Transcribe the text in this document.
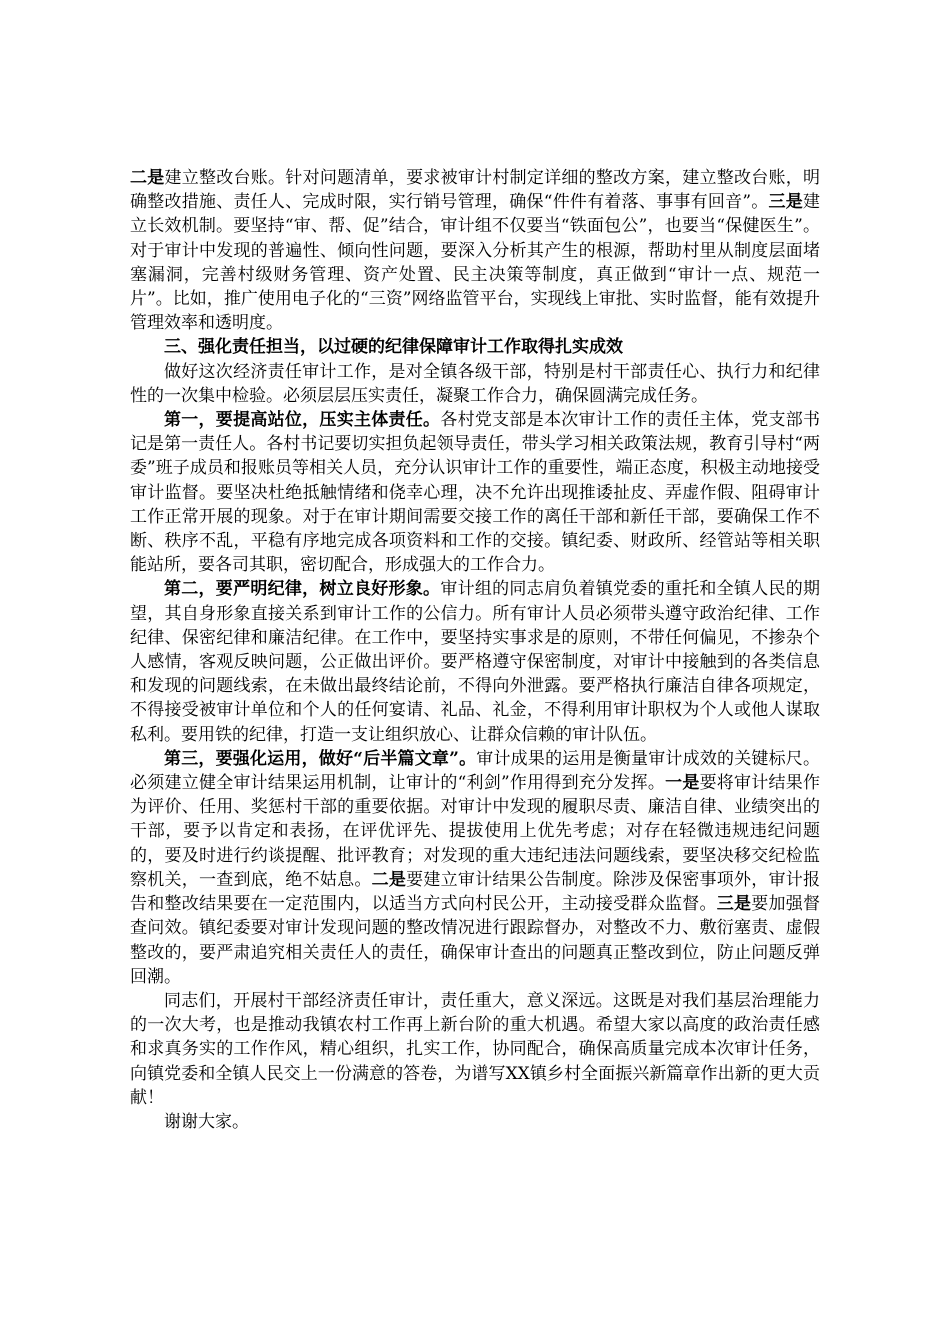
二是建立整改台账。针对问题清单，要求被审计村制定详细的整改方案，建立整改台账，明确整改措施、责任人、完成时限，实行销号管理，确保“件件有着落、事事有回音”。三是建立长效机制。要坚持“审、帮、促”结合，审计组不仅要当“铁面包公”，也要当“保健医生”。对于审计中发现的普遍性、倾向性问题，要深入分析其产生的根源，帮助村里从制度层面堵塞漏洞，完善村级财务管理、资产处置、民主决策等制度，真正做到“审计一点、规范一片”。比如，推广使用电子化的“三资”网络监管平台，实现线上审批、实时监督，能有效提升管理效率和透明度。

三、强化责任担当，以过硬的纪律保障审计工作取得扎实成效

做好这次经济责任审计工作，是对全镇各级干部，特别是村干部责任心、执行力和纪律性的一次集中检验。必须层层压实责任，凝聚工作合力，确保圆满完成任务。

第一，要提高站位，压实主体责任。各村党支部是本次审计工作的责任主体，党支部书记是第一责任人。各村书记要切实担负起领导责任，带头学习相关政策法规，教育引导村“两委”班子成员和报账员等相关人员，充分认识审计工作的重要性，端正态度，积极主动地接受审计监督。要坚决杜绝抵触情绪和侥幸心理，决不允许出现推诿扯皮、弄虚作假、阻碍审计工作正常开展的现象。对于在审计期间需要交接工作的离任干部和新任干部，要确保工作不断、秩序不乱，平稳有序地完成各项资料和工作的交接。镇纪委、财政所、经管站等相关职能站所，要各司其职，密切配合，形成强大的工作合力。

第二，要严明纪律，树立良好形象。审计组的同志肩负着镇党委的重托和全镇人民的期望，其自身形象直接关系到审计工作的公信力。所有审计人员必须带头遵守政治纪律、工作纪律、保密纪律和廉洁纪律。在工作中，要坚持实事求是的原则，不带任何偏见，不掺杂个人感情，客观反映问题，公正做出评价。要严格遵守保密制度，对审计中接触到的各类信息和发现的问题线索，在未做出最终结论前，不得向外泄露。要严格执行廉洁自律各项规定，不得接受被审计单位和个人的任何宴请、礼品、礼金，不得利用审计职权为个人或他人谋取私利。要用铁的纪律，打造一支让组织放心、让群众信赖的审计队伍。

第三，要强化运用，做好“后半篇文章”。审计成果的运用是衡量审计成效的关键标尺。必须建立健全审计结果运用机制，让审计的“利剑”作用得到充分发挥。一是要将审计结果作为评价、任用、奖惩村干部的重要依据。对审计中发现的履职尽责、廉洁自律、业绩突出的干部，要予以肯定和表扬，在评优评先、提拔使用上优先考虑；对存在轻微违规违纪问题的，要及时进行约谈提醒、批评教育；对发现的重大违纪违法问题线索，要坚决移交纪检监察机关，一查到底，绝不姑息。二是要建立审计结果公告制度。除涉及保密事项外，审计报告和整改结果要在一定范围内，以适当方式向村民公开，主动接受群众监督。三是要加强督查问效。镇纪委要对审计发现问题的整改情况进行跟踪督办，对整改不力、敷衍塞责、虚假整改的，要严肃追究相关责任人的责任，确保审计查出的问题真正整改到位，防止问题反弹回潮。

同志们，开展村干部经济责任审计，责任重大，意义深远。这既是对我们基层治理能力的一次大考，也是推动我镇农村工作再上新台阶的重大机遇。希望大家以高度的政治责任感和求真务实的工作作风，精心组织，扎实工作，协同配合，确保高质量完成本次审计任务，向镇党委和全镇人民交上一份满意的答卷，为谱写XX镇乡村全面振兴新篇章作出新的更大贡献！

谢谢大家。
